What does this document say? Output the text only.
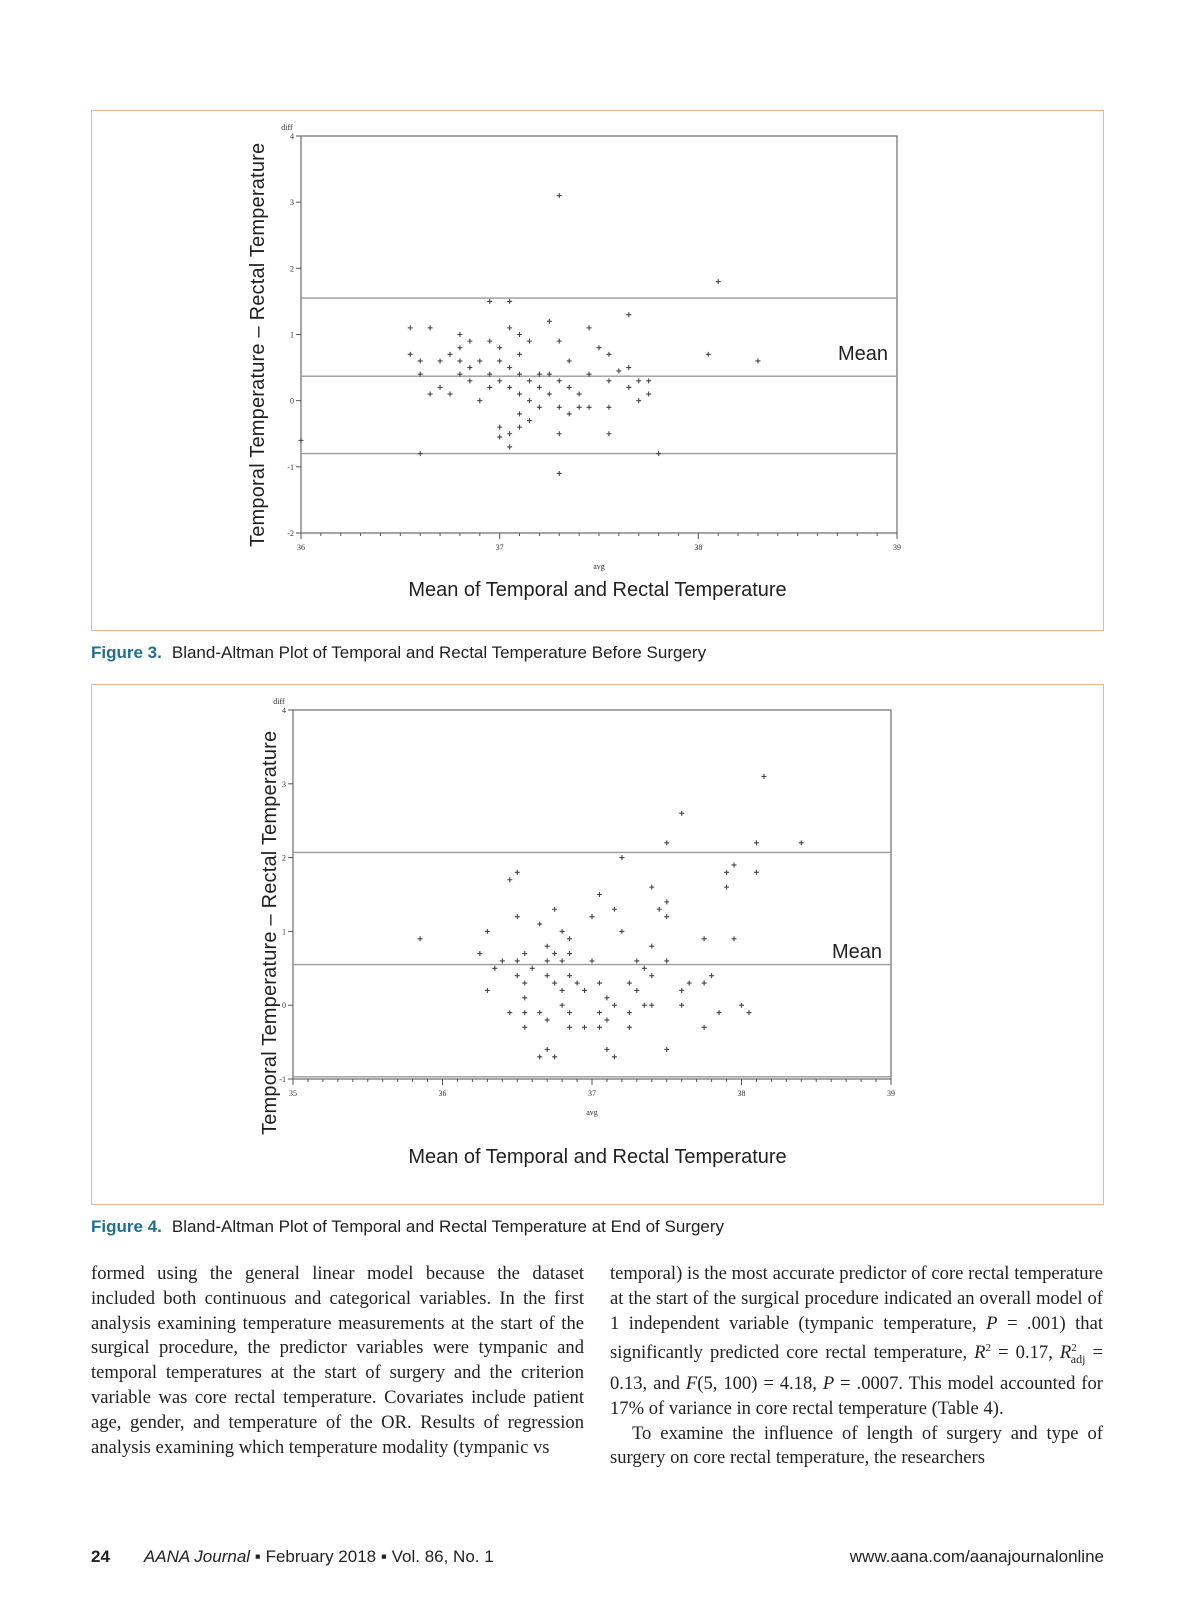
-2
-1
0
1
2
3
4
36	37	38	39
diff
avg
Temporal Temperature – Rectal Temperature
Mean of Temporal and Rectal Temperature
Mean
Figure 3. Bland-Altman Plot of Temporal and Rectal Temperature Before Surgery
-1
0
1
2
3
4
35	36	37	38	39
diff
avg
Temporal Temperature – Rectal Temperature
Mean of Temporal and Rectal Temperature
Mean
Figure 4. Bland-Altman Plot of Temporal and Rectal Temperature at End of Surgery

formed using the general linear model because the dataset included both continuous and categorical variables. In the first analysis examining temperature measurements at the start of the surgical procedure, the predictor variables were tympanic and temporal temperatures at the start of surgery and the criterion variable was core rectal temperature. Covariates include patient age, gender, and temperature of the OR. Results of regression analysis examining which temperature modality (tympanic vs

temporal) is the most accurate predictor of core rectal temperature at the start of the surgical procedure indicated an overall model of 1 independent variable (tympanic temperature, P = .001) that significantly predicted core rectal temperature, $R^2 = 0.17$, $R^2_{adj} = 0.13$, and F(5, 100) = 4.18, P = .0007. This model accounted for 17% of variance in core rectal temperature (Table 4).

To examine the influence of length of surgery and type of surgery on core rectal temperature, the researchers

24 AANA Journal ▪ February 2018 ▪ Vol. 86, No. 1	www.aana.com/aanajournalonline
